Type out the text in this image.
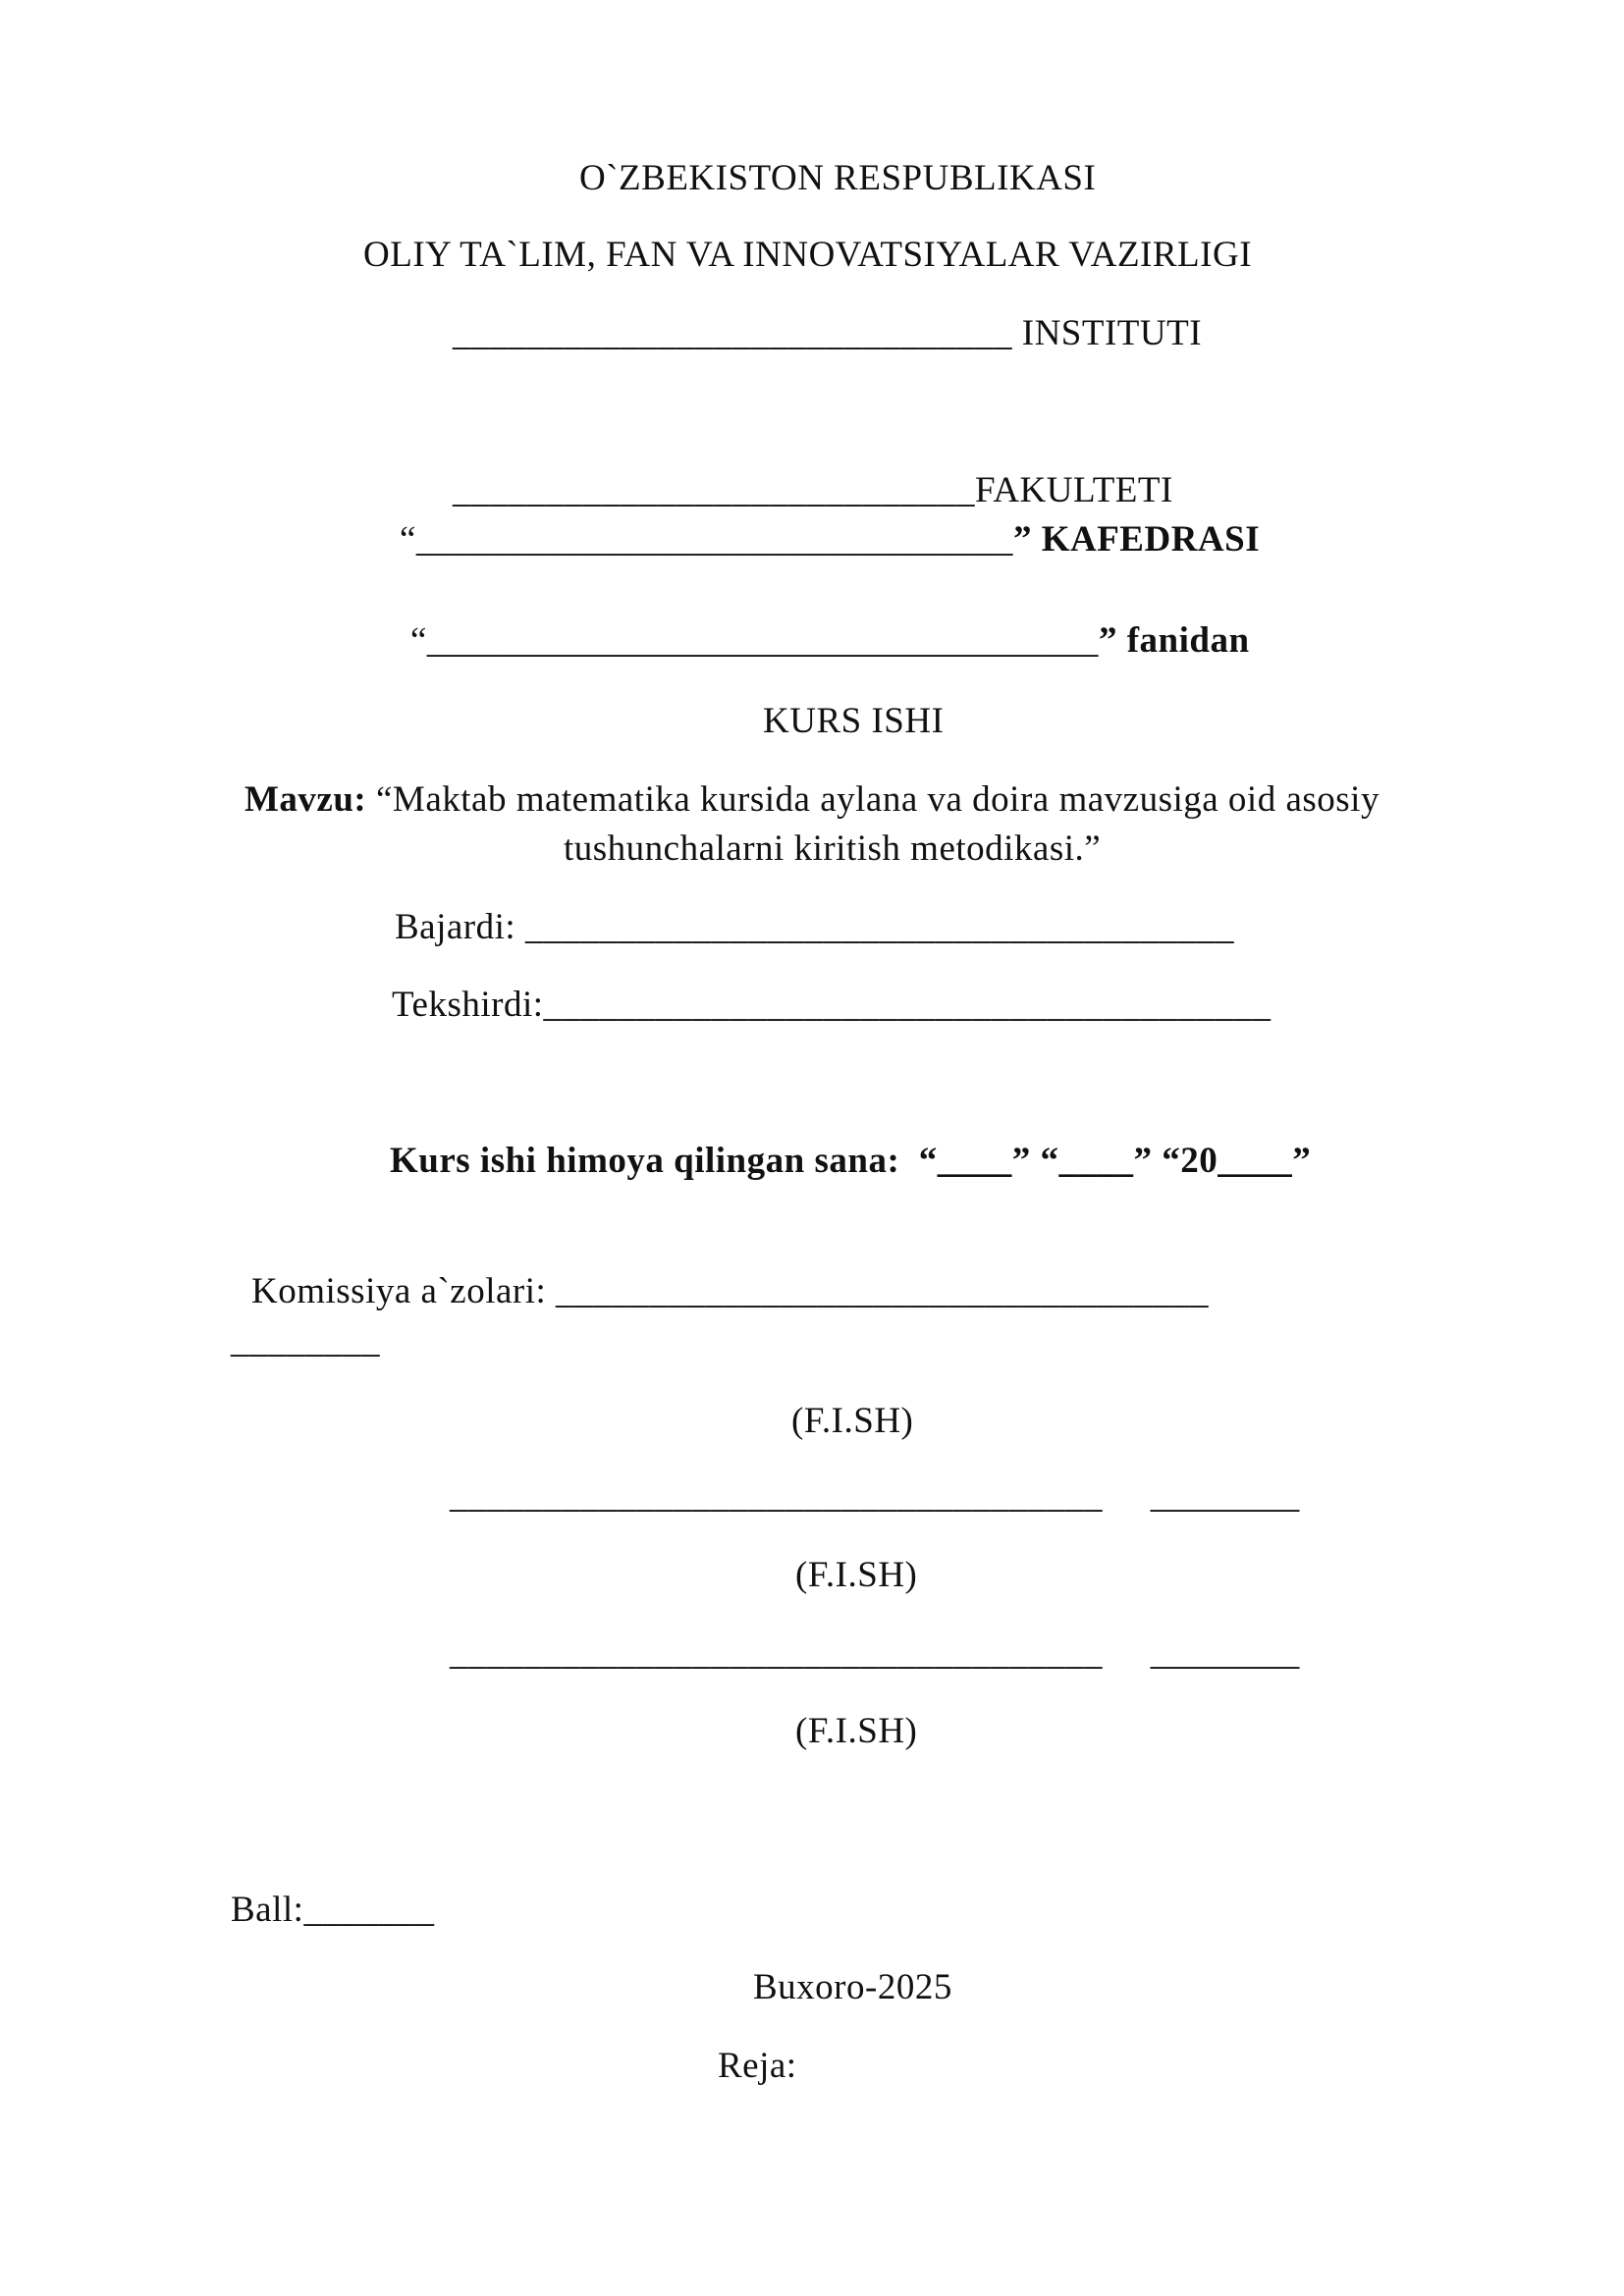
O`ZBEKISTON RESPUBLIKASI
OLIY TA`LIM, FAN VA INNOVATSIYALAR VAZIRLIGI
______________________________ INSTITUTI
____________________________FAKULTETI
“________________________________” KAFEDRASI
“____________________________________” fanidan
KURS ISHI
Mavzu: “Maktab matematika kursida aylana va doira mavzusiga oid asosiy
tushunchalarni kiritish metodikasi.”
Bajardi: ______________________________________
Tekshirdi:_______________________________________
Kurs ishi himoya qilingan sana:  “____” “____” “20____”
Komissiya a`zolari: ___________________________________
________
(F.I.SH)
___________________________________     ________
(F.I.SH)
___________________________________     ________
(F.I.SH)
Ball:_______
Buxoro-2025
Reja:
